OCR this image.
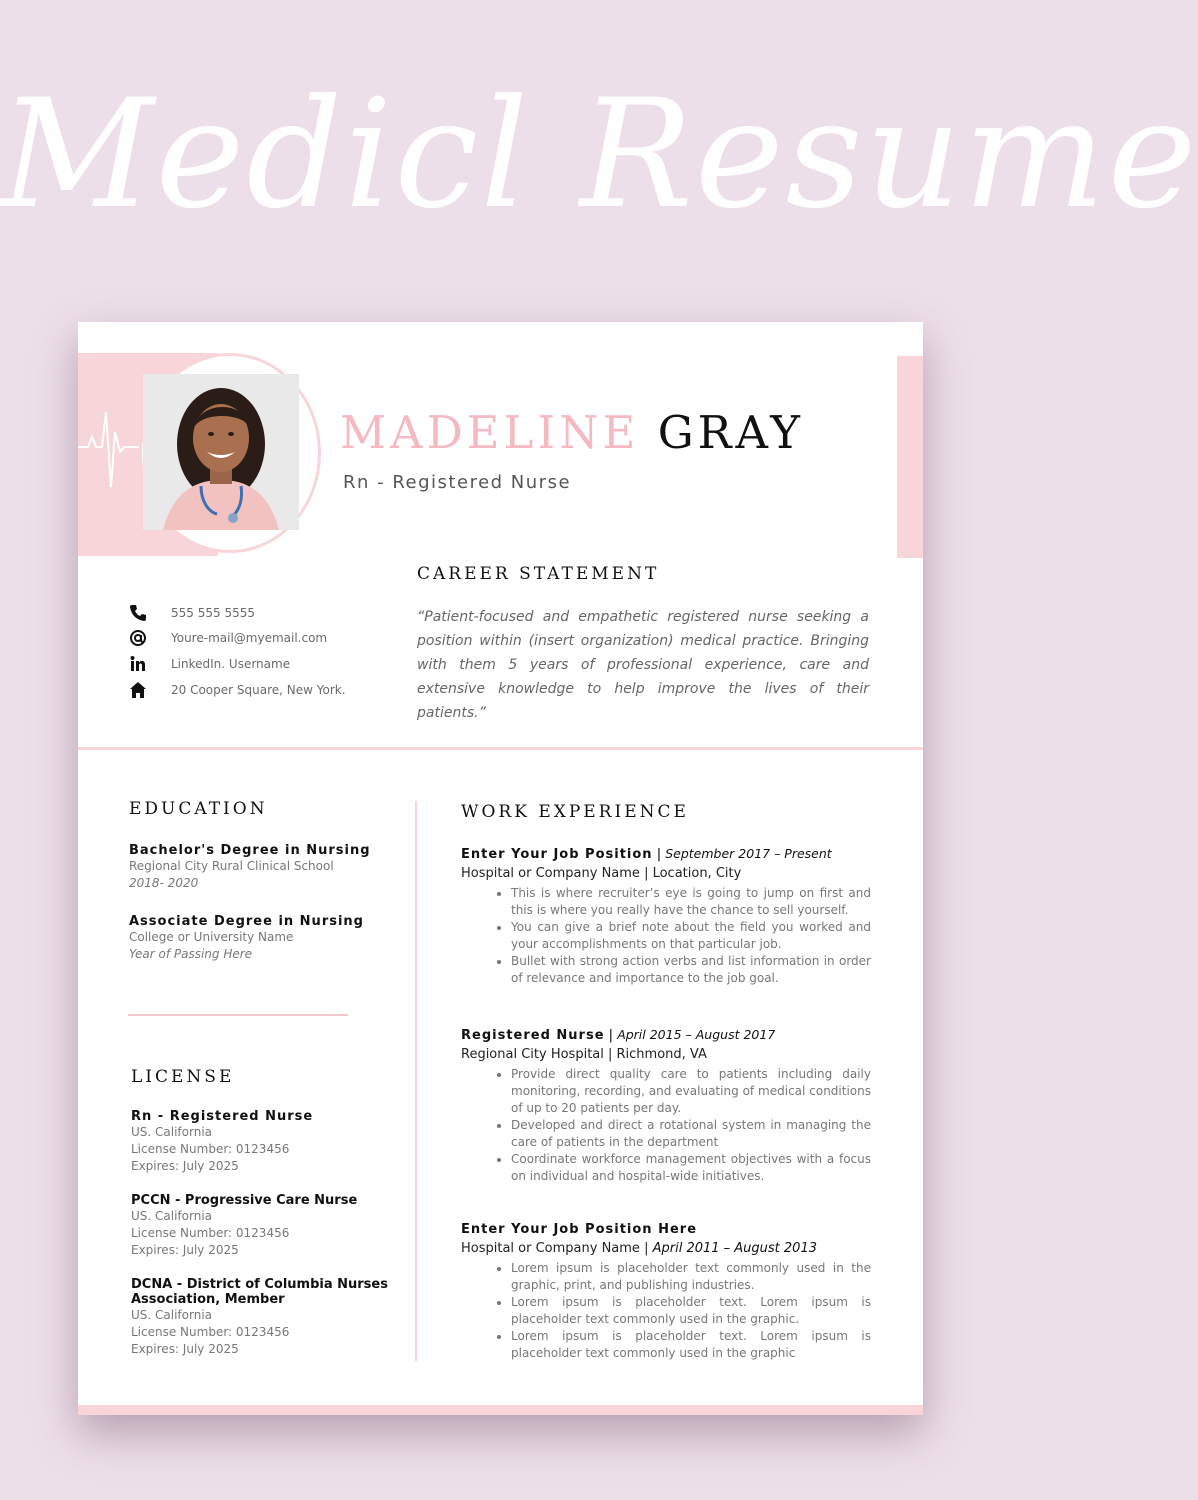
Medicl Resume
MADELINE GRAY
Rn - Registered Nurse
CAREER STATEMENT
“Patient-focused and empathetic registered nurse seeking a position within (insert organization) medical practice. Bringing with them 5 years of professional experience, care and extensive knowledge to help improve the lives of their patients.”
555 555 5555
Youre-mail@myemail.com
LinkedIn. Username
20 Cooper Square, New York.
EDUCATION
Bachelor's Degree in Nursing
Regional City Rural Clinical School
2018- 2020
Associate Degree in Nursing
College or University Name
Year of Passing Here
LICENSE
Rn - Registered Nurse
US. California
License Number: 0123456
Expires: July 2025
PCCN - Progressive Care Nurse
US. California
License Number: 0123456
Expires: July 2025
DCNA - District of Columbia Nurses
Association, Member
US. California
License Number: 0123456
Expires: July 2025
WORK EXPERIENCE
Enter Your Job Position | September 2017 – Present
Hospital or Company Name | Location, City
• This is where recruiter’s eye is going to jump on first and this is where you really have the chance to sell yourself.
• You can give a brief note about the field you worked and your accomplishments on that particular job.
• Bullet with strong action verbs and list information in order of relevance and importance to the job goal.
Registered Nurse | April 2015 – August 2017
Regional City Hospital | Richmond, VA
• Provide direct quality care to patients including daily monitoring, recording, and evaluating of medical conditions of up to 20 patients per day.
• Developed and direct a rotational system in managing the care of patients in the department
• Coordinate workforce management objectives with a focus on individual and hospital-wide initiatives.
Enter Your Job Position Here
Hospital or Company Name | April 2011 – August 2013
• Lorem ipsum is placeholder text commonly used in the graphic, print, and publishing industries.
• Lorem ipsum is placeholder text. Lorem ipsum is placeholder text commonly used in the graphic.
• Lorem ipsum is placeholder text. Lorem ipsum is placeholder text commonly used in the graphic
